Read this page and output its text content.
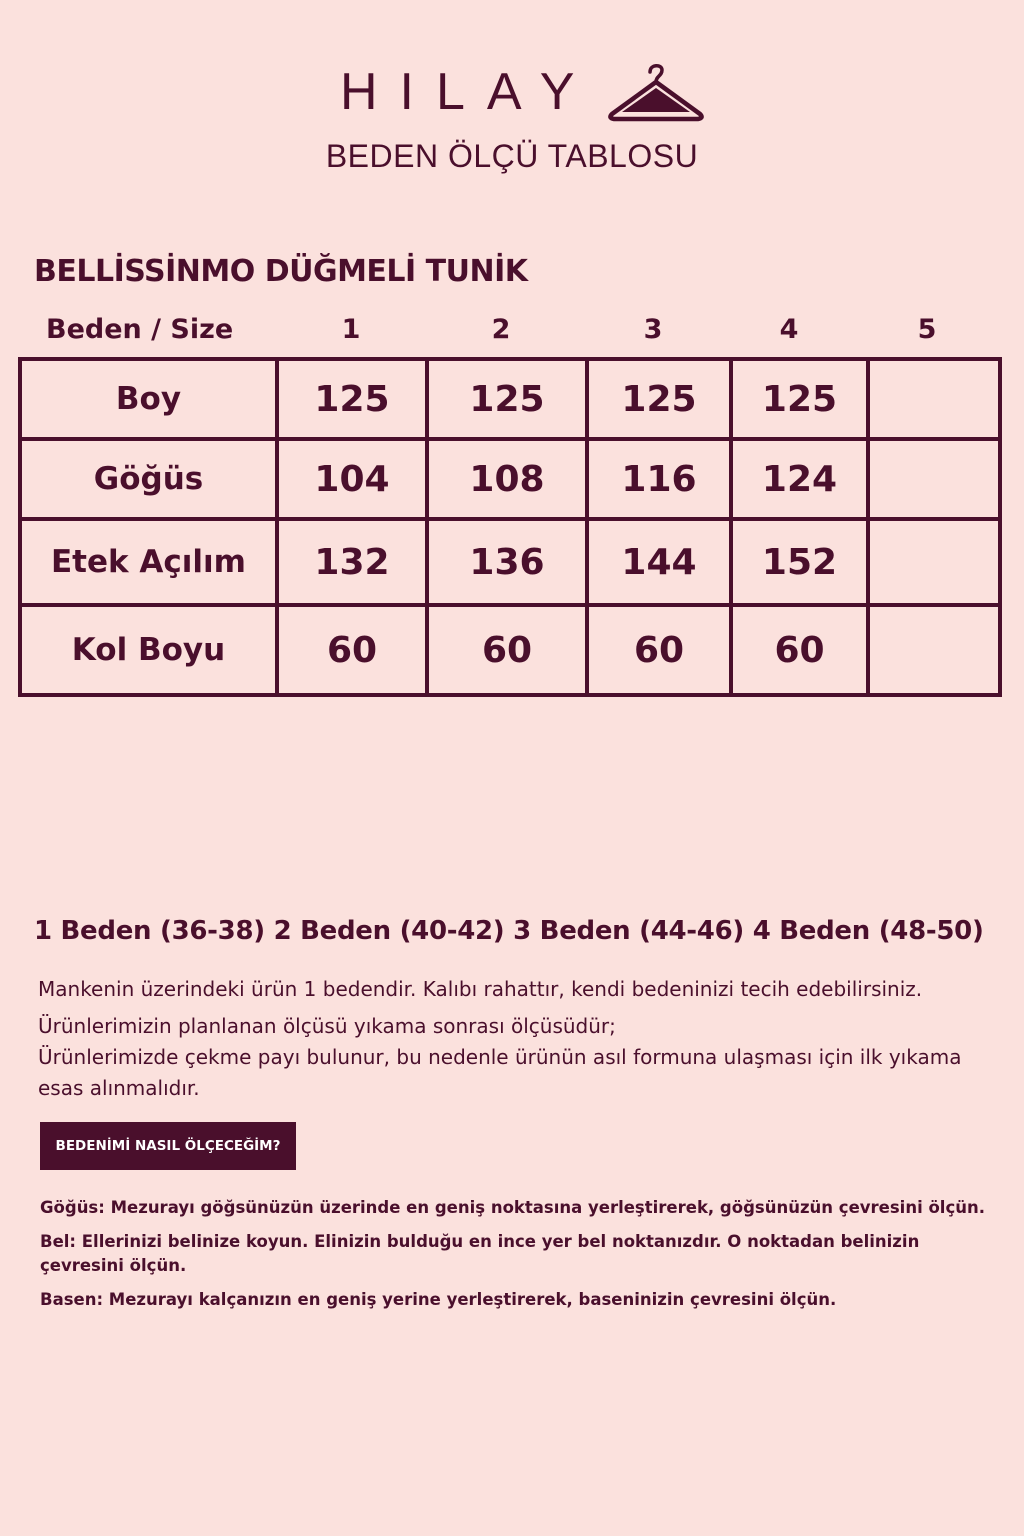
HILAY
BEDEN ÖLÇÜ TABLOSU
BELLİSSİNMO DÜĞMELİ TUNİK
Beden / Size	1	2	3	4	5
Boy	125	125	125	125	
Göğüs	104	108	116	124	
Etek Açılım	132	136	144	152	
Kol Boyu	60	60	60	60	
1 Beden (36-38) 2 Beden (40-42) 3 Beden (44-46) 4 Beden (48-50)

Mankenin üzerindeki ürün 1 bedendir. Kalıbı rahattır, kendi bedeninizi tecih edebilirsiniz.

Ürünlerimizin planlanan ölçüsü yıkama sonrası ölçüsüdür;

Ürünlerimizde çekme payı bulunur, bu nedenle ürünün asıl formuna ulaşması için ilk yıkama esas alınmalıdır.

BEDENİMİ NASIL ÖLÇECEĞİM?

Göğüs: Mezurayı göğsünüzün üzerinde en geniş noktasına yerleştirerek, göğsünüzün çevresini ölçün.

Bel: Ellerinizi belinize koyun. Elinizin bulduğu en ince yer bel noktanızdır. O noktadan belinizin çevresini ölçün.

Basen: Mezurayı kalçanızın en geniş yerine yerleştirerek, baseninizin çevresini ölçün.
